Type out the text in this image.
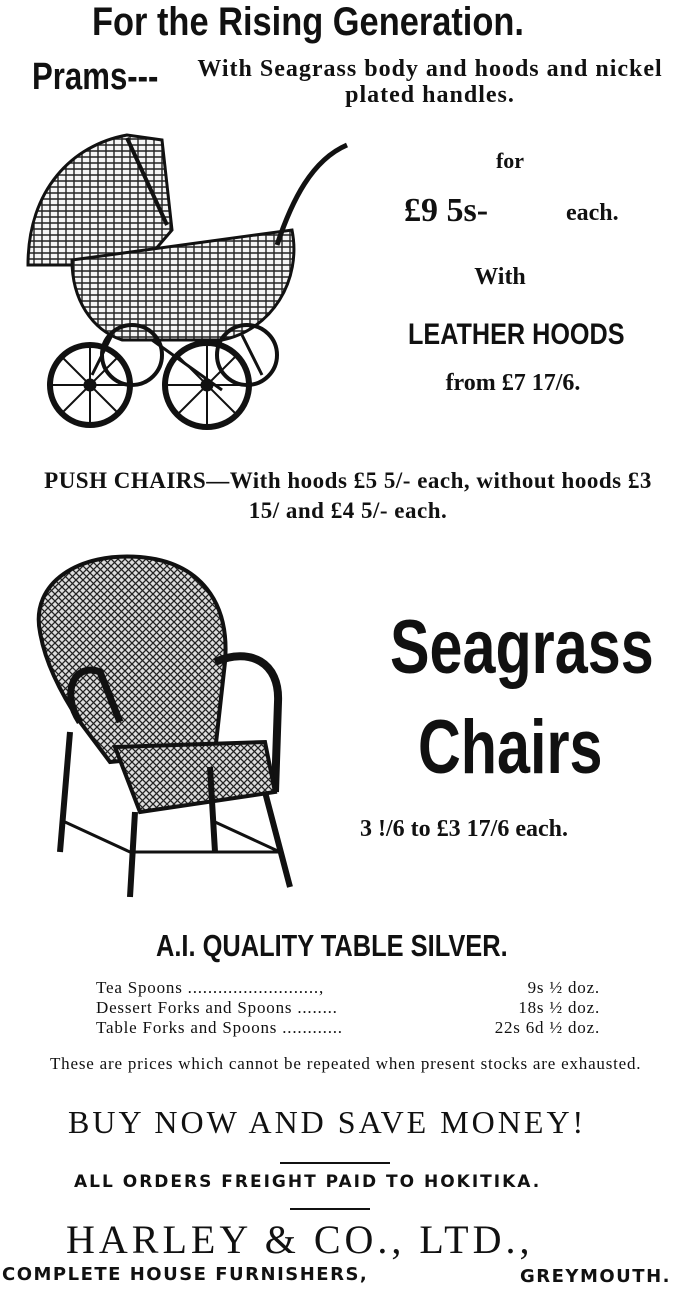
For the Rising Generation.
Prams---	With Seagrass body and hoods and nickel plated handles.
for
£9 5s-	each.
With
LEATHER HOODS
from £7 17/6.
PUSH CHAIRS—With hoods £5 5/- each, without hoods £3 15/ and £4 5/- each.
Seagrass
Chairs
3 !/6 to £3 17/6 each.
A.I. QUALITY TABLE SILVER.
Tea Spoons ..........................,	9s ½ doz.
Dessert Forks and Spoons ........	18s ½ doz.
Table Forks and Spoons ............	22s 6d ½ doz.
These are prices which cannot be repeated when present stocks are exhausted.
BUY NOW AND SAVE MONEY!
ALL ORDERS FREIGHT PAID TO HOKITIKA.
HARLEY & CO., LTD.,
COMPLETE HOUSE FURNISHERS,	GREYMOUTH.
